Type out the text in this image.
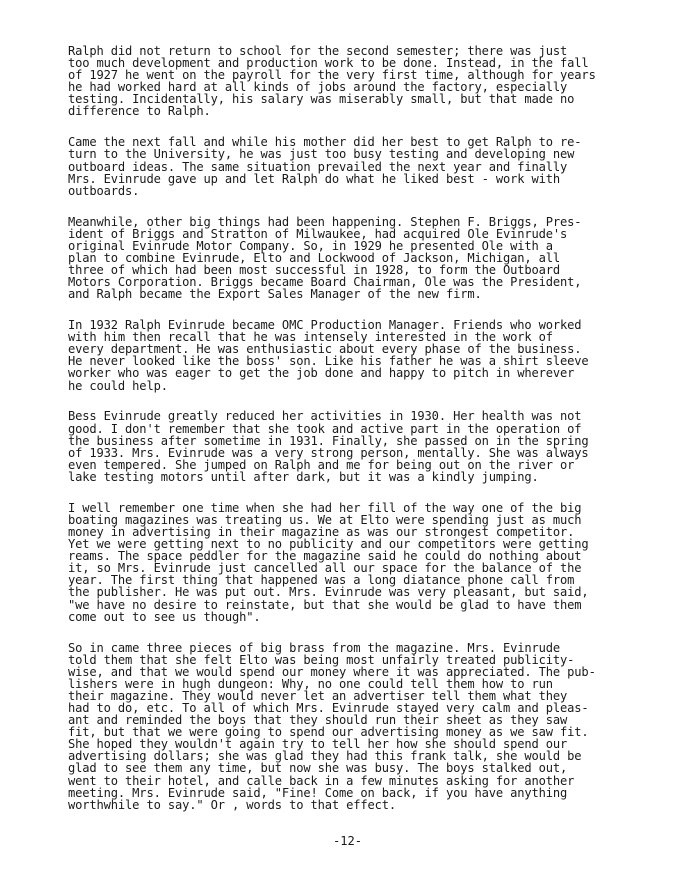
Ralph did not return to school for the second semester; there was just
too much development and production work to be done. Instead, in the fall
of 1927 he went on the payroll for the very first time, although for years
he had worked hard at all kinds of jobs around the factory, especially
testing. Incidentally, his salary was miserably small, but that made no
difference to Ralph.

Came the next fall and while his mother did her best to get Ralph to re-
turn to the University, he was just too busy testing and developing new
outboard ideas. The same situation prevailed the next year and finally
Mrs. Evinrude gave up and let Ralph do what he liked best - work with
outboards.

Meanwhile, other big things had been happening. Stephen F. Briggs, Pres-
ident of Briggs and Stratton of Milwaukee, had acquired Ole Evinrude's
original Evinrude Motor Company. So, in 1929 he presented Ole with a
plan to combine Evinrude, Elto and Lockwood of Jackson, Michigan, all
three of which had been most successful in 1928, to form the Outboard
Motors Corporation. Briggs became Board Chairman, Ole was the President,
and Ralph became the Export Sales Manager of the new firm.

In 1932 Ralph Evinrude became OMC Production Manager. Friends who worked
with him then recall that he was intensely interested in the work of
every department. He was enthusiastic about every phase of the business.
He never looked like the boss' son. Like his father he was a shirt sleeve
worker who was eager to get the job done and happy to pitch in wherever
he could help.

Bess Evinrude greatly reduced her activities in 1930. Her health was not
good. I don't remember that she took and active part in the operation of
the business after sometime in 1931. Finally, she passed on in the spring
of 1933. Mrs. Evinrude was a very strong person, mentally. She was always
even tempered. She jumped on Ralph and me for being out on the river or
lake testing motors until after dark, but it was a kindly jumping.

I well remember one time when she had her fill of the way one of the big
boating magazines was treating us. We at Elto were spending just as much
money in advertising in their magazine as was our strongest competitor.
Yet we were getting next to no publicity and our competitors were getting
reams. The space peddler for the magazine said he could do nothing about
it, so Mrs. Evinrude just cancelled all our space for the balance of the
year. The first thing that happened was a long diatance phone call from
the publisher. He was put out. Mrs. Evinrude was very pleasant, but said,
"we have no desire to reinstate, but that she would be glad to have them
come out to see us though".

So in came three pieces of big brass from the magazine. Mrs. Evinrude
told them that she felt Elto was being most unfairly treated publicity-
wise, and that we would spend our money where it was appreciated. The pub-
lishers were in hugh dungeon: Why, no one could tell them how to run
their magazine. They would never let an advertiser tell them what they
had to do, etc. To all of which Mrs. Evinrude stayed very calm and pleas-
ant and reminded the boys that they should run their sheet as they saw
fit, but that we were going to spend our advertising money as we saw fit.
She hoped they wouldn't again try to tell her how she should spend our
advertising dollars; she was glad they had this frank talk, she would be
glad to see them any time, but now she was busy. The boys stalked out,
went to their hotel, and calle back in a few minutes asking for another
meeting. Mrs. Evinrude said, "Fine! Come on back, if you have anything
worthwhile to say." Or , words to that effect.

-12-
